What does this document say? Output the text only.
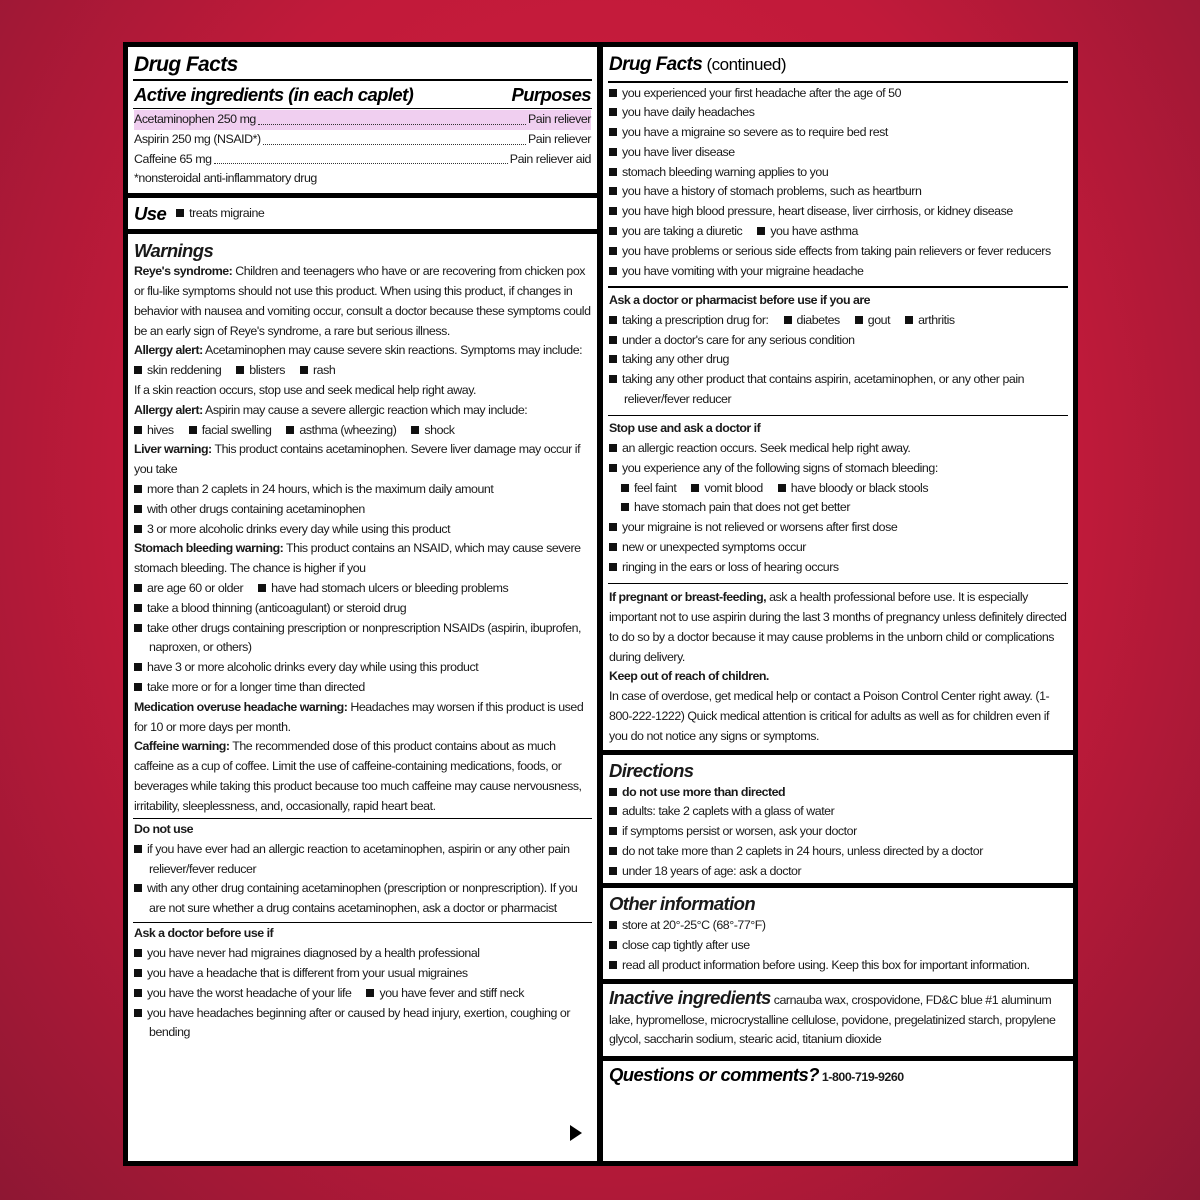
Drug Facts
Active ingredients (in each caplet)	Purposes
Acetaminophen 250 mg	Pain reliever
Aspirin 250 mg (NSAID*)	Pain reliever
Caffeine 65 mg	Pain reliever aid
*nonsteroidal anti-inflammatory drug
Use	treats migraine
Warnings
Reye's syndrome: Children and teenagers who have or are recovering from chicken pox or flu-like symptoms should not use this product. When using this product, if changes in behavior with nausea and vomiting occur, consult a doctor because these symptoms could be an early sign of Reye's syndrome, a rare but serious illness.
Allergy alert: Acetaminophen may cause severe skin reactions. Symptoms may include:
skin reddening blisters rash
If a skin reaction occurs, stop use and seek medical help right away.
Allergy alert: Aspirin may cause a severe allergic reaction which may include:
hives facial swelling asthma (wheezing) shock
Liver warning: This product contains acetaminophen. Severe liver damage may occur if you take
more than 2 caplets in 24 hours, which is the maximum daily amount
with other drugs containing acetaminophen
3 or more alcoholic drinks every day while using this product
Stomach bleeding warning: This product contains an NSAID, which may cause severe stomach bleeding. The chance is higher if you
are age 60 or older have had stomach ulcers or bleeding problems
take a blood thinning (anticoagulant) or steroid drug
take other drugs containing prescription or nonprescription NSAIDs (aspirin, ibuprofen, naproxen, or others)
have 3 or more alcoholic drinks every day while using this product
take more or for a longer time than directed
Medication overuse headache warning: Headaches may worsen if this product is used for 10 or more days per month.
Caffeine warning: The recommended dose of this product contains about as much caffeine as a cup of coffee. Limit the use of caffeine-containing medications, foods, or beverages while taking this product because too much caffeine may cause nervousness, irritability, sleeplessness, and, occasionally, rapid heart beat.
Do not use
if you have ever had an allergic reaction to acetaminophen, aspirin or any other pain reliever/fever reducer
with any other drug containing acetaminophen (prescription or nonprescription). If you are not sure whether a drug contains acetaminophen, ask a doctor or pharmacist
Ask a doctor before use if
you have never had migraines diagnosed by a health professional
you have a headache that is different from your usual migraines
you have the worst headache of your life you have fever and stiff neck
you have headaches beginning after or caused by head injury, exertion, coughing or bending
Drug Facts (continued)
you experienced your first headache after the age of 50
you have daily headaches
you have a migraine so severe as to require bed rest
you have liver disease
stomach bleeding warning applies to you
you have a history of stomach problems, such as heartburn
you have high blood pressure, heart disease, liver cirrhosis, or kidney disease
you are taking a diuretic you have asthma
you have problems or serious side effects from taking pain relievers or fever reducers
you have vomiting with your migraine headache
Ask a doctor or pharmacist before use if you are
taking a prescription drug for: diabetes gout arthritis
under a doctor's care for any serious condition
taking any other drug
taking any other product that contains aspirin, acetaminophen, or any other pain reliever/fever reducer
Stop use and ask a doctor if
an allergic reaction occurs. Seek medical help right away.
you experience any of the following signs of stomach bleeding:
feel faint vomit blood have bloody or black stools
have stomach pain that does not get better
your migraine is not relieved or worsens after first dose
new or unexpected symptoms occur
ringing in the ears or loss of hearing occurs
If pregnant or breast-feeding, ask a health professional before use. It is especially important not to use aspirin during the last 3 months of pregnancy unless definitely directed to do so by a doctor because it may cause problems in the unborn child or complications during delivery.
Keep out of reach of children.
In case of overdose, get medical help or contact a Poison Control Center right away. (1-800-222-1222) Quick medical attention is critical for adults as well as for children even if you do not notice any signs or symptoms.
Directions
do not use more than directed
adults: take 2 caplets with a glass of water
if symptoms persist or worsen, ask your doctor
do not take more than 2 caplets in 24 hours, unless directed by a doctor
under 18 years of age: ask a doctor
Other information
store at 20°-25°C (68°-77°F)
close cap tightly after use
read all product information before using. Keep this box for important information.
Inactive ingredients carnauba wax, crospovidone, FD&C blue #1 aluminum lake, hypromellose, microcrystalline cellulose, povidone, pregelatinized starch, propylene glycol, saccharin sodium, stearic acid, titanium dioxide
Questions or comments? 1-800-719-9260
